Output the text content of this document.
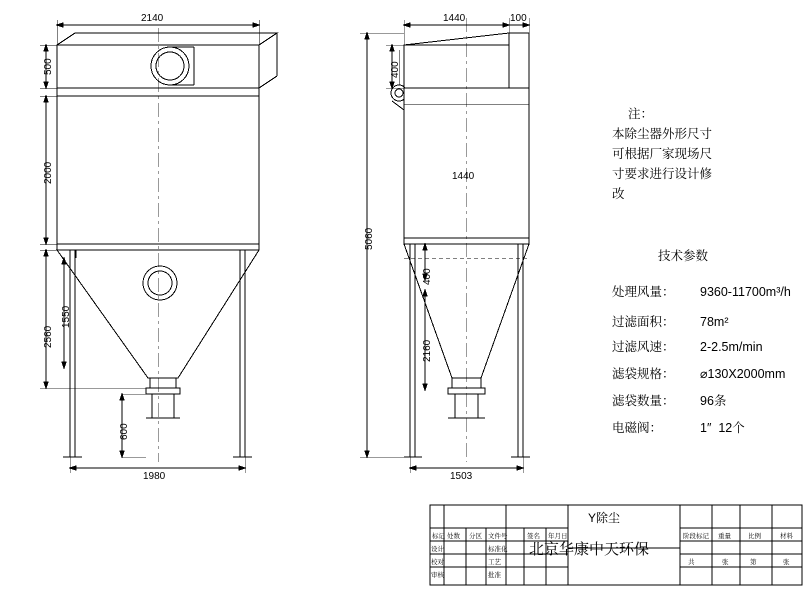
2140
500
2000
2560
1550
600
1980
1440	100
400
1440
5060
400
2160
1503
注：
本除尘器外形尺寸
可根据厂家现场尺
寸要求进行设计修
改
技术参数
处理风量： 9360-11700m³/h
过滤面积： 78m²
过滤风速： 2-2.5m/min
滤袋规格： ⌀130X2000mm
滤袋数量： 96条
电磁阀：	1″  12个
Y除尘
北京华康中天环保
标记 处数 分区 文件号	签名 年月日
设计	标准化
校对	工艺
审核	批准
阶段标记 重量	比例	材料
共	张	第	张
